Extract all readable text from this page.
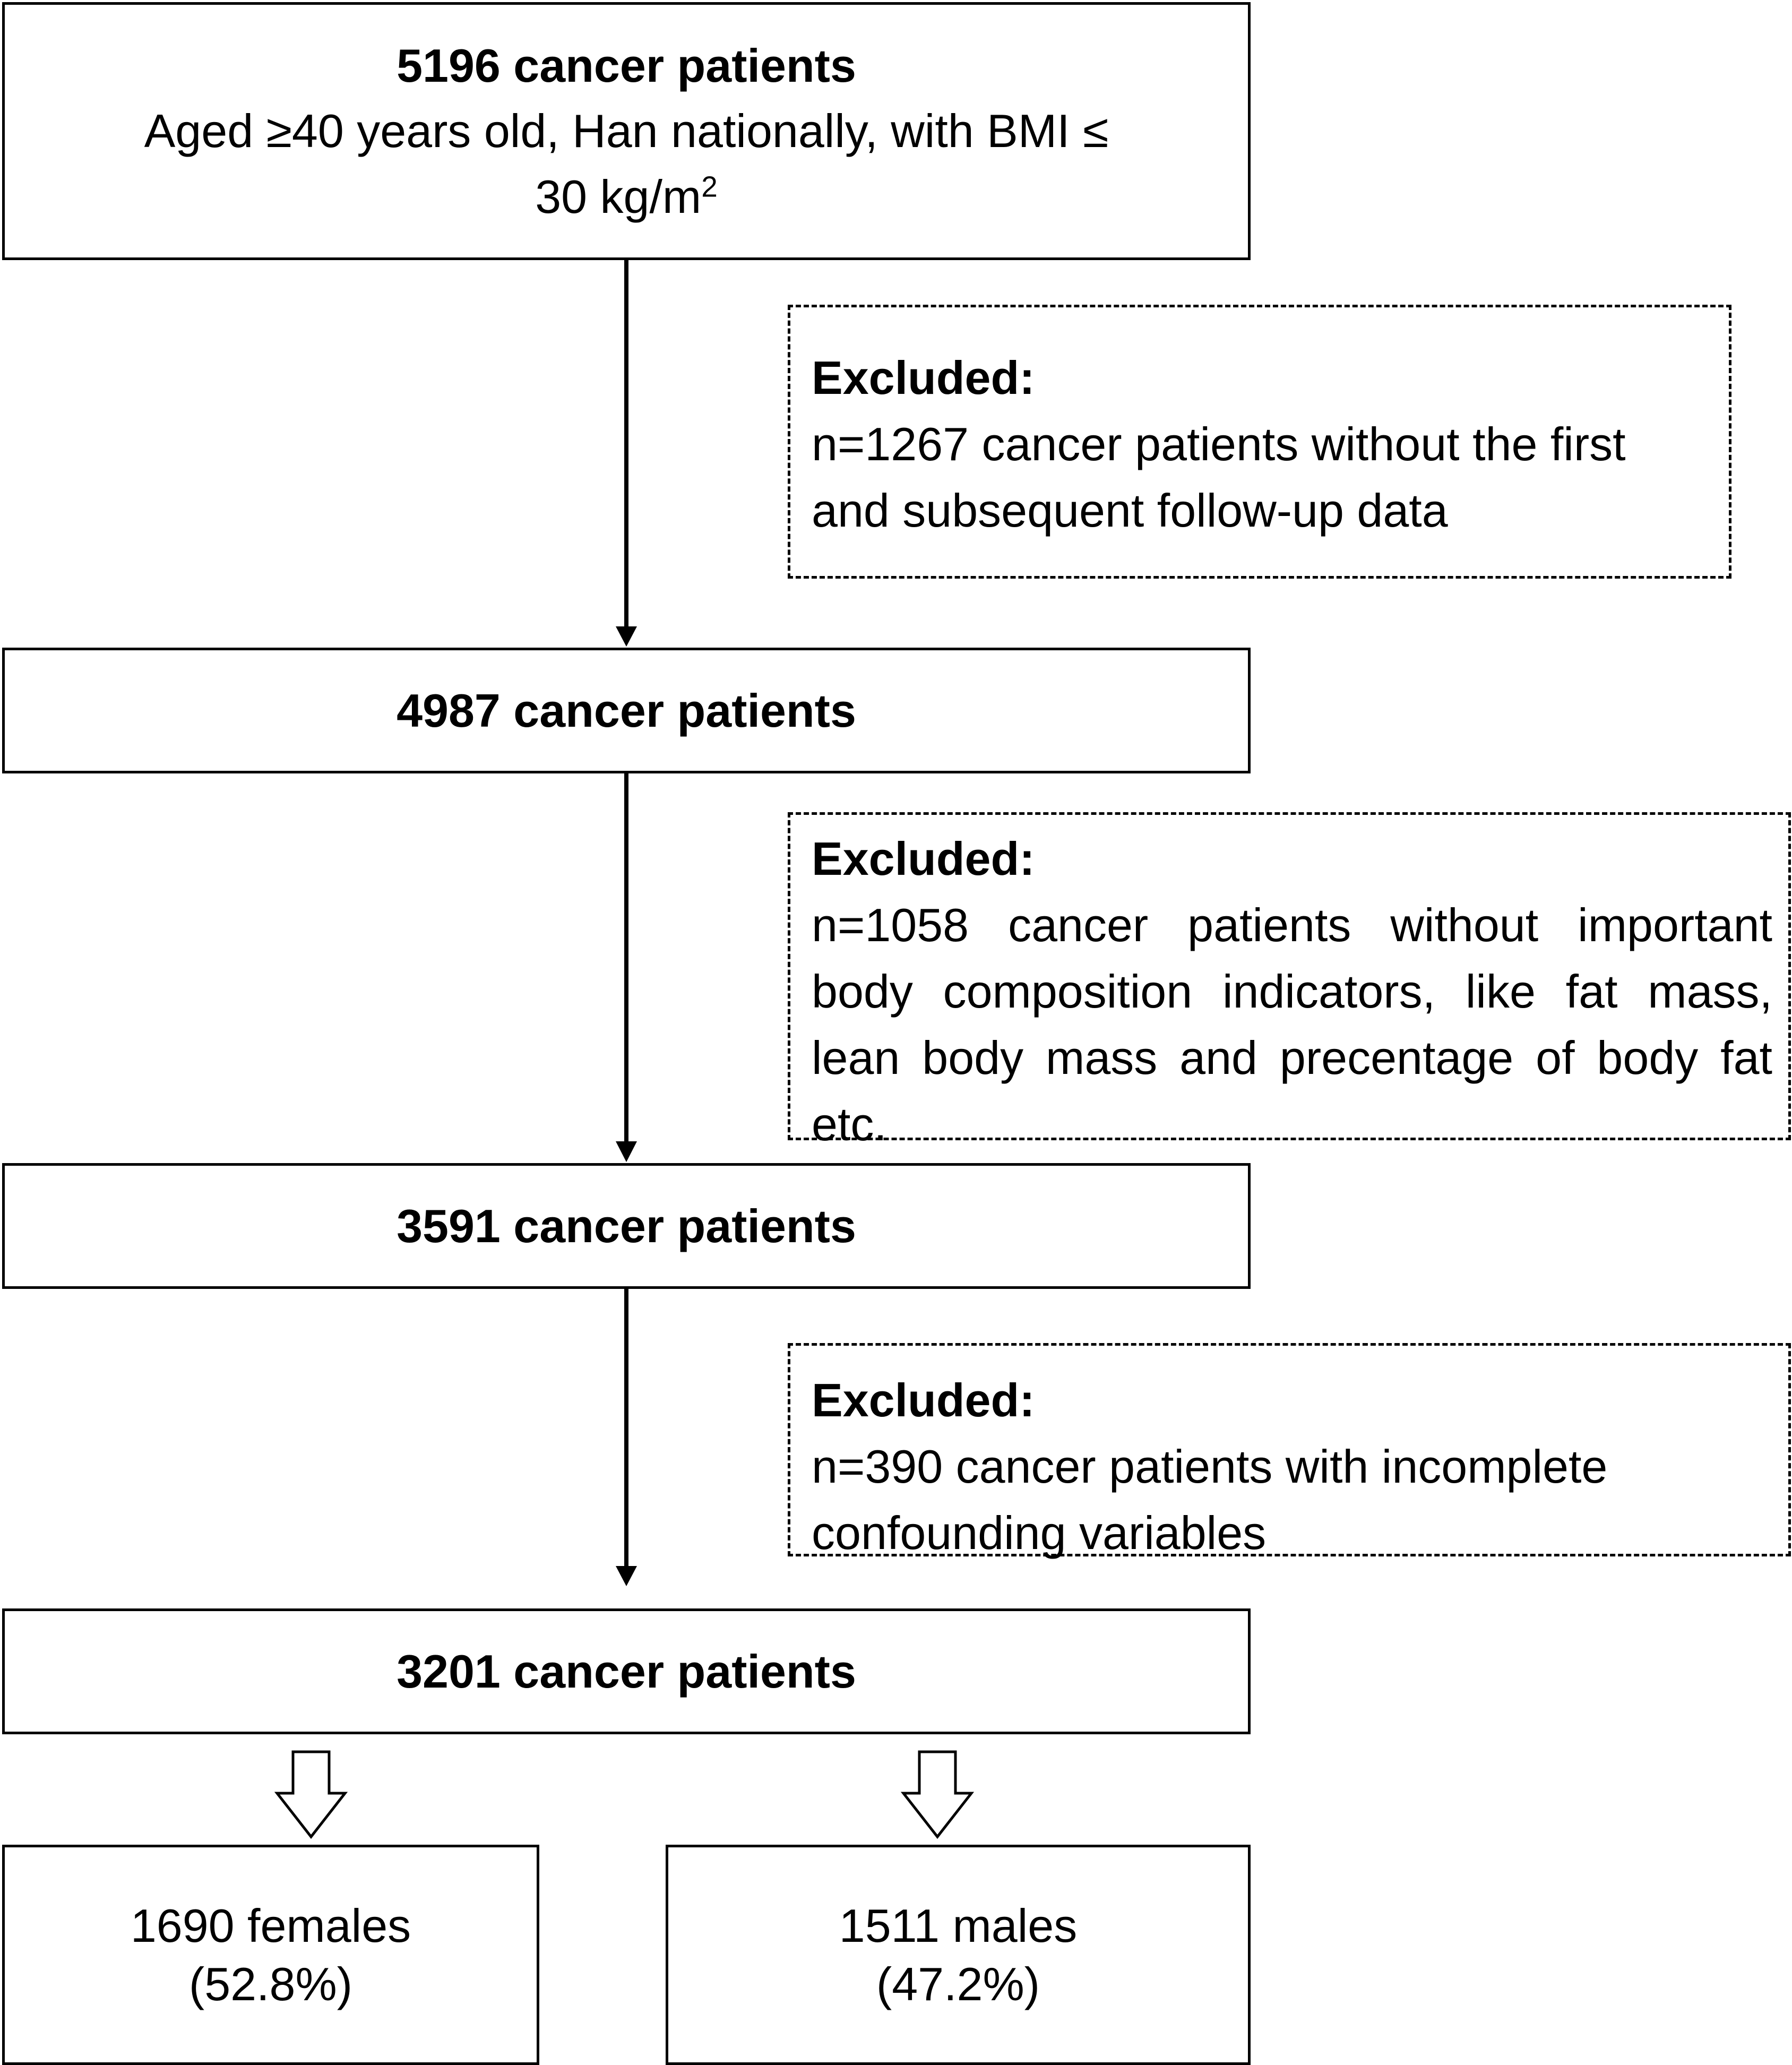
5196 cancer patients
Aged ≥40 years old, Han nationally, with BMI ≤
30 $kg/m^2$
Excluded:
n=1267 cancer patients without the first and subsequent follow-up data
4987 cancer patients
Excluded:
n=1058 cancer patients without important body composition indicators, like fat mass, lean body mass and precentage of body fat etc.
3591 cancer patients
Excluded:
n=390 cancer patients with incomplete confounding variables
3201 cancer patients
1690 females
(52.8%)
1511 males
(47.2%)
